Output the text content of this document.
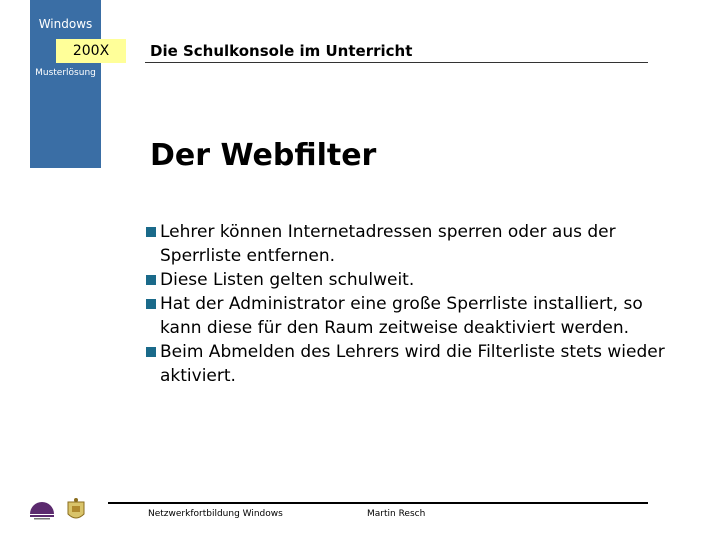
Windows
200X
Musterlösung
Die Schulkonsole im Unterricht
Der Webfilter
Lehrer können Internetadressen sperren oder aus der Sperrliste entfernen.
Diese Listen gelten schulweit.
Hat der Administrator eine große Sperrliste installiert, so kann diese für den Raum zeitweise deaktiviert werden.
Beim Abmelden des Lehrers wird die Filterliste stets wieder aktiviert.
Netzwerkfortbildung Windows	Martin Resch
